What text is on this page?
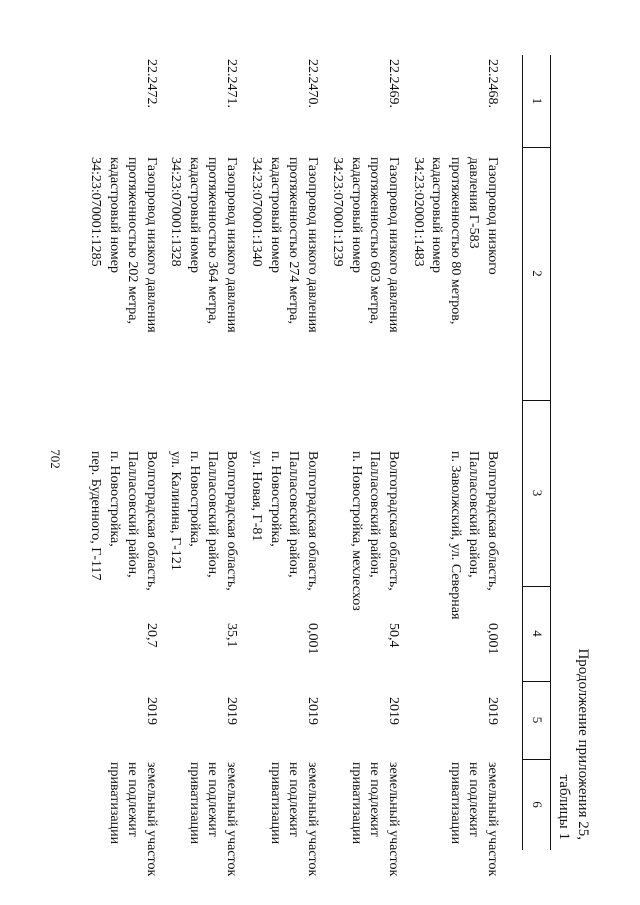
702
Продолжение приложения 25,
таблицы 1
1
2
3
4
5
6
22.2468.
Газопровод низкого
давления Г-583
протяженностью 80 метров,
кадастровый номер
34:23:020001:1483
Волгоградская область,
Палласовский район,
п. Заволжский, ул. Северная
0,001
2019
земельный участок
не подлежит
приватизации
22.2469.
Газопровод низкого давления
протяженностью 603 метра,
кадастровый номер
34:23:070001:1239
Волгоградская область,
Палласовский район,
п. Новостройка, мехлесхоз
50,4
2019
земельный участок
не подлежит
приватизации
22.2470.
Газопровод низкого давления
протяженностью 274 метра,
кадастровый номер
34:23:070001:1340
Волгоградская область,
Палласовский район,
п. Новостройка,
ул. Новая, Г-81
0,001
2019
земельный участок
не подлежит
приватизации
22.2471.
Газопровод низкого давления
протяженностью 364 метра,
кадастровый номер
34:23:070001:1328
Волгоградская область,
Палласовский район,
п. Новостройка,
ул. Калинина, Г-121
35,1
2019
земельный участок
не подлежит
приватизации
22.2472.
Газопровод низкого давления
протяженностью 202 метра,
кадастровый номер
34:23:070001:1285
Волгоградская область,
Палласовский район,
п. Новостройка,
пер. Буденного, Г-117
20,7
2019
земельный участок
не подлежит
приватизации
